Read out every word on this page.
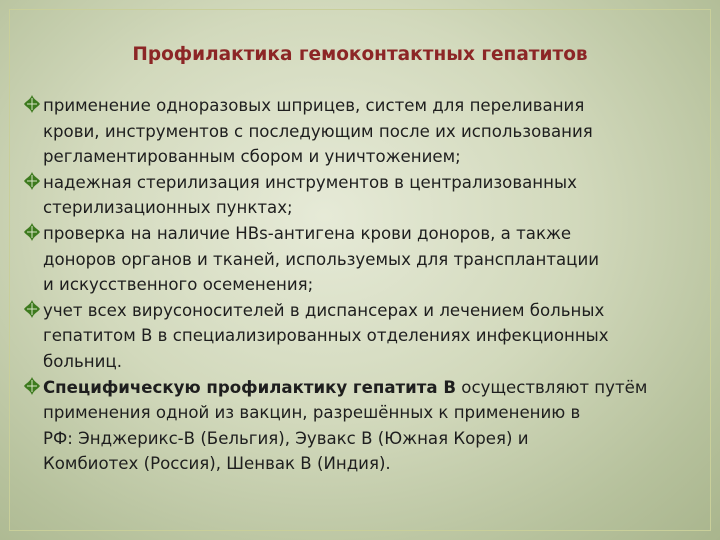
Профилактика гемоконтактных гепатитов
применение одноразовых шприцев, систем для переливания
крови, инструментов с последующим после их использования
регламентированным сбором и уничтожением;
надежная стерилизация инструментов в централизованных
стерилизационных пунктах;
проверка на наличие HBs-антигена крови доноров, а также
доноров органов и тканей, используемых для трансплантации
и искусственного осеменения;
учет всех вирусоносителей в диспансерах и лечением больных
гепатитом В в специализированных отделениях инфекционных
больниц.
Специфическую профилактику гепатита В осуществляют путём
применения одной из вакцин, разрешённых к применению в
РФ: Энджерикс-В (Бельгия), Эувакс В (Южная Корея) и
Комбиотех (Россия), Шенвак В (Индия).
